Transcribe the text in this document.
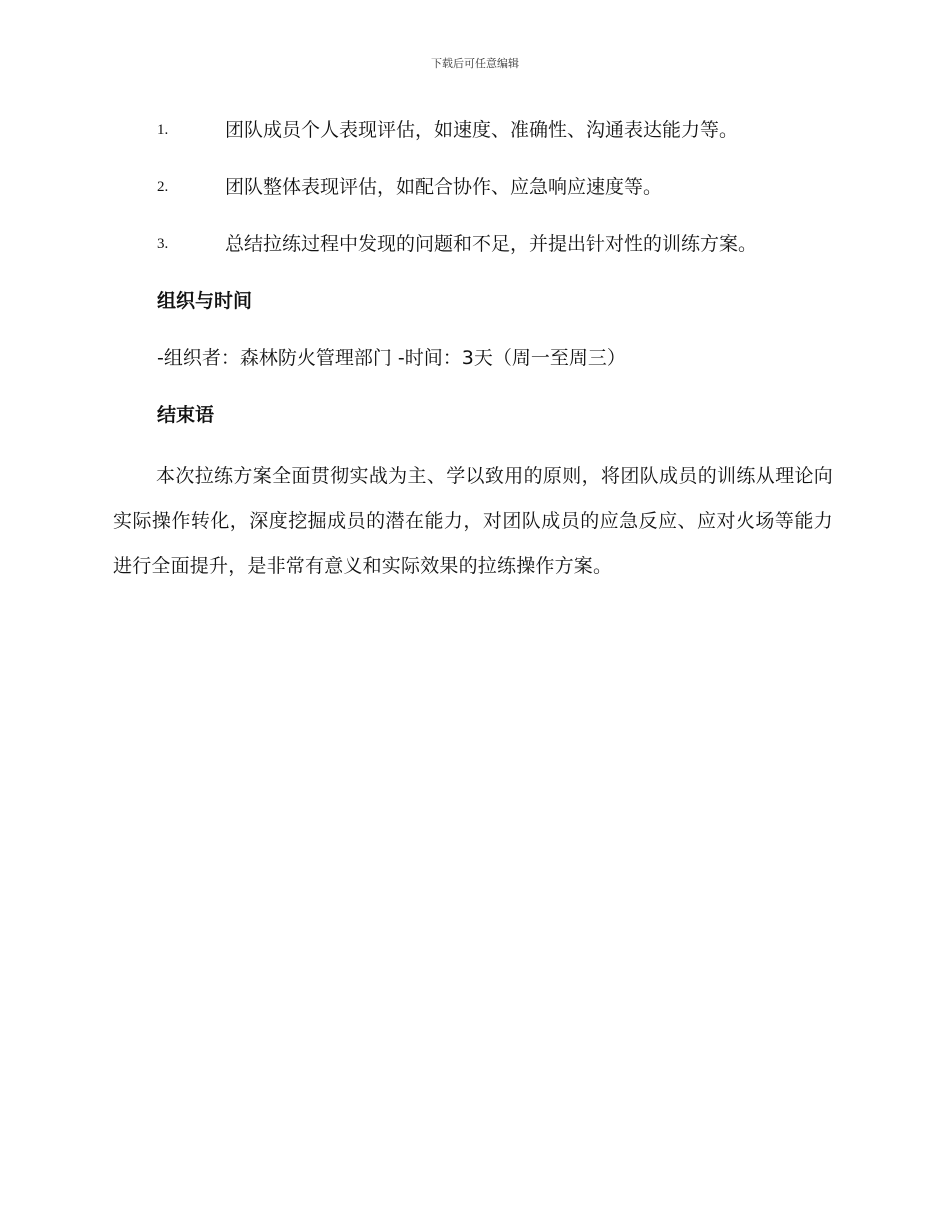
下载后可任意编辑
1.	团队成员个人表现评估，如速度、准确性、沟通表达能力等。
2.	团队整体表现评估，如配合协作、应急响应速度等。
3.	总结拉练过程中发现的问题和不足，并提出针对性的训练方案。
组织与时间
-组织者：森林防火管理部门 -时间：3天（周一至周三）
结束语
本次拉练方案全面贯彻实战为主、学以致用的原则，将团队成员的训练从理论向实际操作转化，深度挖掘成员的潜在能力，对团队成员的应急反应、应对火场等能力进行全面提升，是非常有意义和实际效果的拉练操作方案。
